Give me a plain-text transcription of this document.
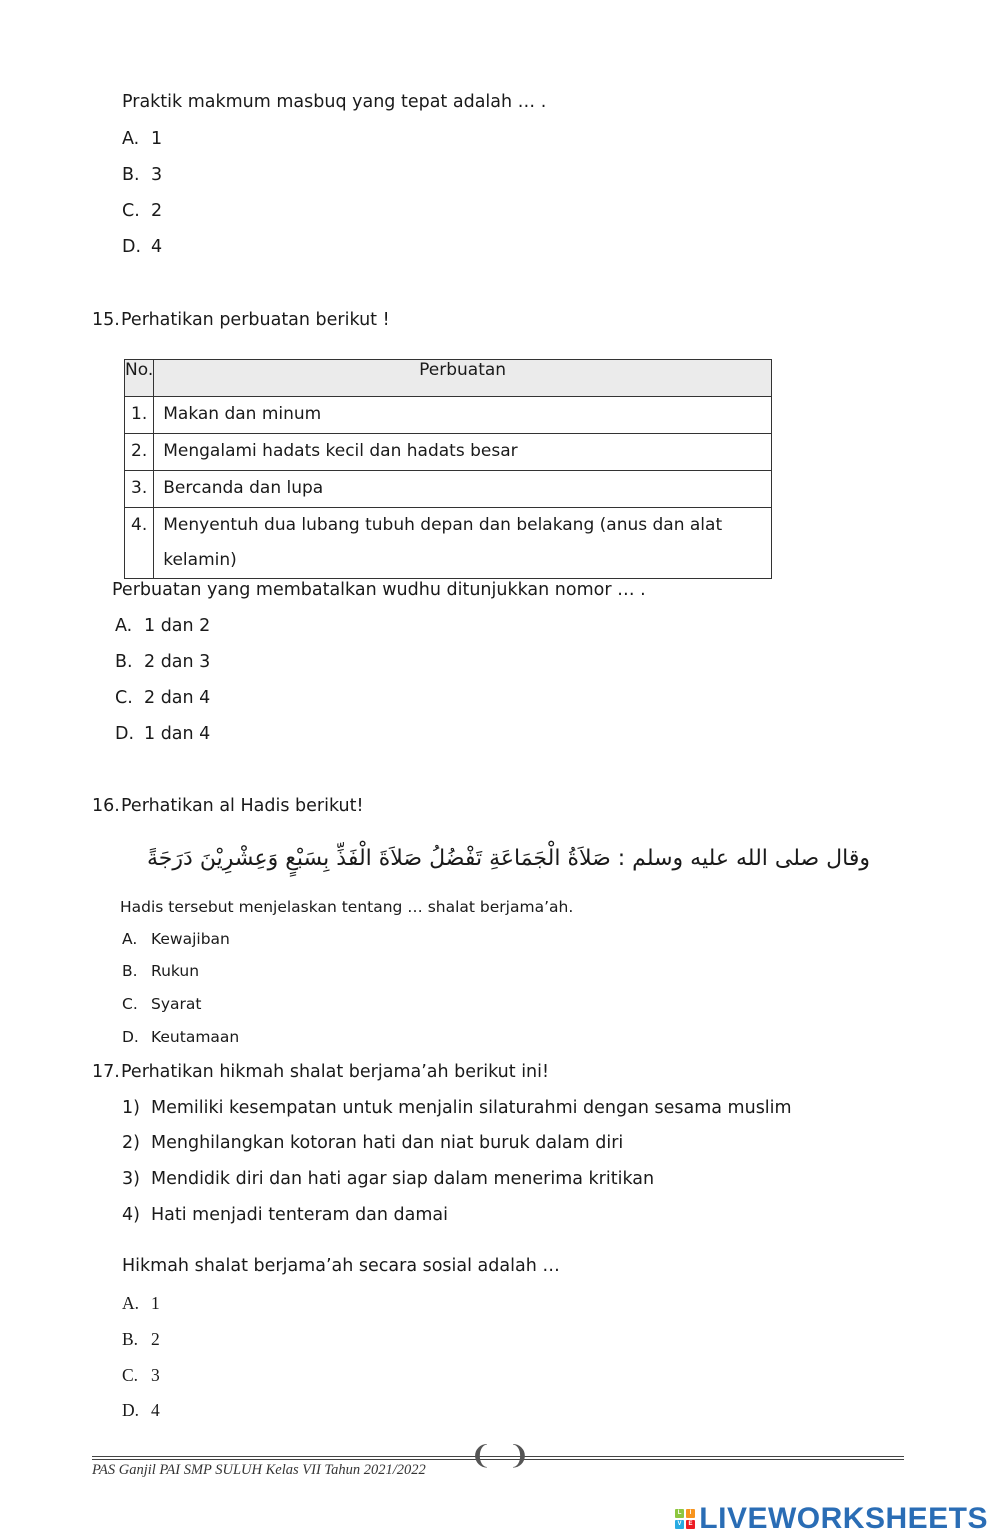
Praktik makmum masbuq yang tepat adalah … .
A. 1
B. 3
C. 2
D. 4
15.Perhatikan perbuatan berikut !
No.	Perbuatan
1.	Makan dan minum
2.	Mengalami hadats kecil dan hadats besar
3.	Bercanda dan lupa
4.	Menyentuh dua lubang tubuh depan dan belakang (anus dan alat kelamin)
Perbuatan yang membatalkan wudhu ditunjukkan nomor … .
A. 1 dan 2
B. 2 dan 3
C. 2 dan 4
D. 1 dan 4
16.Perhatikan al Hadis berikut!
وقال صلى الله عليه وسلم : صَلاَةُ الْجَمَاعَةِ تَفْضُلُ صَلاَةَ الْفَذِّ بِسَبْعٍ وَعِشْرِيْنَ دَرَجَةً
Hadis tersebut menjelaskan tentang … shalat berjama’ah.
A. Kewajiban
B. Rukun
C. Syarat
D. Keutamaan
17.Perhatikan hikmah shalat berjama’ah berikut ini!
1) Memiliki kesempatan untuk menjalin silaturahmi dengan sesama muslim
2) Menghilangkan kotoran hati dan niat buruk dalam diri
3) Mendidik diri dan hati agar siap dalam menerima kritikan
4) Hati menjadi tenteram dan damai
Hikmah shalat berjama’ah secara sosial adalah …
A. 1
B. 2
C. 3
D. 4
❨ ❩
PAS Ganjil PAI SMP SULUH Kelas VII Tahun 2021/2022
L	I
V	E LIVEWORKSHEETS
